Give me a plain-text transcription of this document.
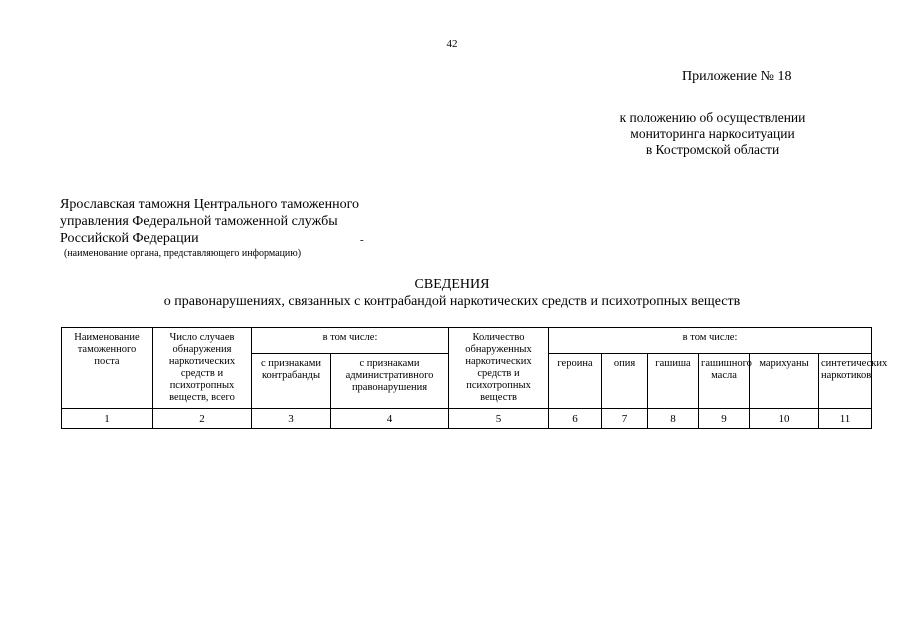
42
Приложение № 18
к положению об осуществлении
мониторинга наркоситуации
в Костромской области
Ярославская таможня Центрального таможенного
управления Федеральной таможенной службы
Российской Федерации	-
(наименование органа, представляющего информацию)
СВЕДЕНИЯ
о правонарушениях, связанных с контрабандой наркотических средств и психотропных веществ
Наименование таможенного поста	Число случаев обнаружения наркотических средств и психотропных веществ, всего	в том числе:		Количество обнаруженных наркотических средств и психотропных веществ	в том числе:					
		с признаками контрабанды	с признаками административного правонарушения		героина	опия	гашиша	гашишного масла	марихуаны	синтетических наркотиков
1	2	3	4	5	6	7	8	9	10	11
